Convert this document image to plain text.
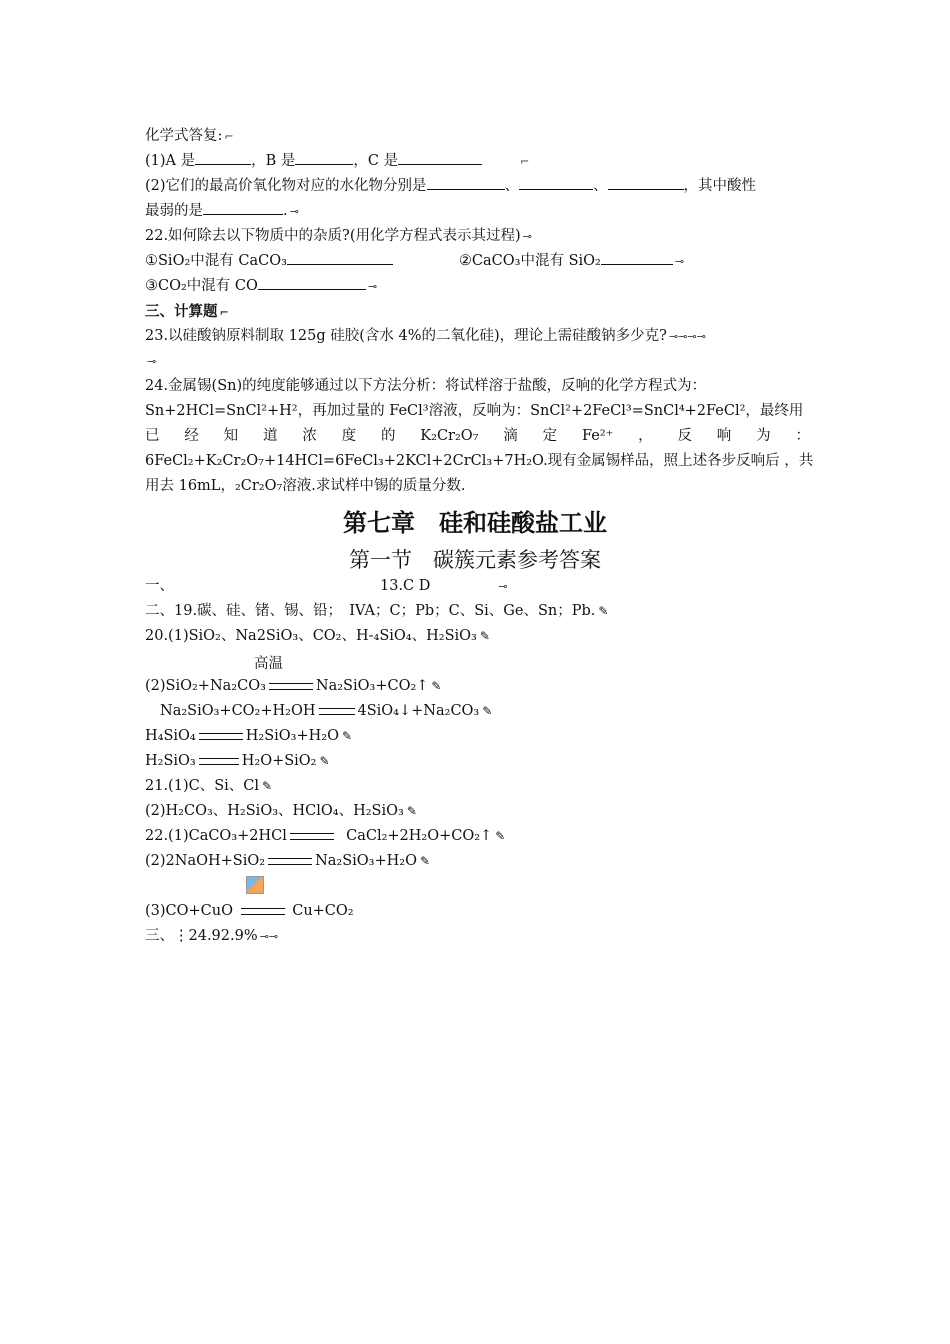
化学式答复: ⌐
(1)A 是	，B 是	，C 是	⌐
(2)它们的最高价氧化物对应的水化物分别是	、	、	，其中酸性
最弱的是	. ⊸
22.如何除去以下物质中的杂质?(用化学方程式表示其过程) ⊸
①SiO₂中混有 CaCO₃	②CaCO₃中混有 SiO₂	⊸
③CO₂中混有 CO	⊸
三、计算题 ⌐
23.以硅酸钠原料制取 125g 硅胶(含水 4%的二氧化硅)，理论上需硅酸钠多少克? ⊸⊸⊸⊸
⊸
24.金属锡(Sn)的纯度能够通过以下方法分析：将试样溶于盐酸，反响的化学方程式为：
Sn+2HCl=SnCl²+H²，再加过量的 FeCl³溶液，反响为：SnCl²+2FeCl³=SnCl⁴+2FeCl²，最终用
已 经 知 道 浓 度 的 K₂Cr₂O₇ 滴 定 Fe²⁺ ， 反 响 为 ：
6FeCl₂+K₂Cr₂O₇+14HCl=6FeCl₃+2KCl+2CrCl₃+7H₂O.现有金属锡样品，照上述各步反响后 ，共
用去 16mL，₂Cr₂O₇溶液.求试样中锡的质量分数.
第七章　硅和硅酸盐工业
第一节　碳簇元素参考答案
一、	13.C D	⊸
二、19.碳、硅、锗、锡、铅；　IVA；C；Pb；C、Si、Ge、Sn；Pb. ✎
20.(1)SiO₂、Na2SiO₃、CO₂、H-₄SiO₄、H₂SiO₃ ✎
高温
(2)SiO₂+Na₂CO₃	Na₂SiO₃+CO₂↑ ✎
Na₂SiO₃+CO₂+H₂OH	4SiO₄↓+Na₂CO₃ ✎
H₄SiO₄	H₂SiO₃+H₂O ✎
H₂SiO₃	H₂O+SiO₂ ✎
21.(1)C、Si、Cl ✎
(2)H₂CO₃、H₂SiO₃、HClO₄、H₂SiO₃ ✎
22.(1)CaCO₃+2HCl	CaCl₂+2H₂O+CO₂↑ ✎
(2)2NaOH+SiO₂	Na₂SiO₃+H₂O ✎
(3)CO+CuO	Cu+CO₂
三、⋮24.92.9% ⊸⊸
